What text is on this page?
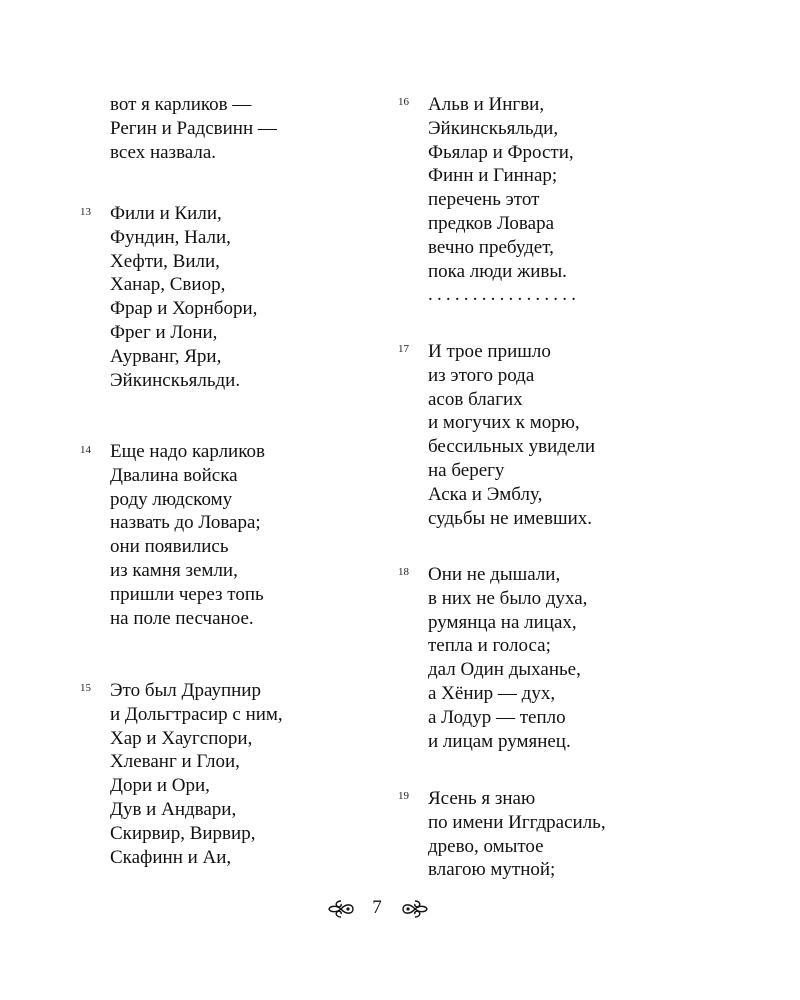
вот я карликов —
Регин и Радсвинн —
всех назвала.
13 Фили и Кили,
Фундин, Нали,
Хефти, Вили,
Ханар, Свиор,
Фрар и Хорнбори,
Фрег и Лони,
Аурванг, Яри,
Эйкинскьяльди.
14 Еще надо карликов
Двалина войска
роду людскому
назвать до Ловара;
они появились
из камня земли,
пришли через топь
на поле песчаное.
15 Это был Драупнир
и Дольгтрасир с ним,
Хар и Хаугспори,
Хлеванг и Глои,
Дори и Ори,
Дув и Андвари,
Скирвир, Вирвир,
Скафинн и Аи,
16 Альв и Ингви,
Эйкинскьяльди,
Фьялар и Фрости,
Финн и Гиннар;
перечень этот
предков Ловара
вечно пребудет,
пока люди живы.
.................
17 И трое пришло
из этого рода
асов благих
и могучих к морю,
бессильных увидели
на берегу
Аска и Эмблу,
судьбы не имевших.
18 Они не дышали,
в них не было духа,
румянца на лицах,
тепла и голоса;
дал Один дыханье,
а Хёнир — дух,
а Лодур — тепло
и лицам румянец.
19 Ясень я знаю
по имени Иггдрасиль,
древо, омытое
влагою мутной;
7
